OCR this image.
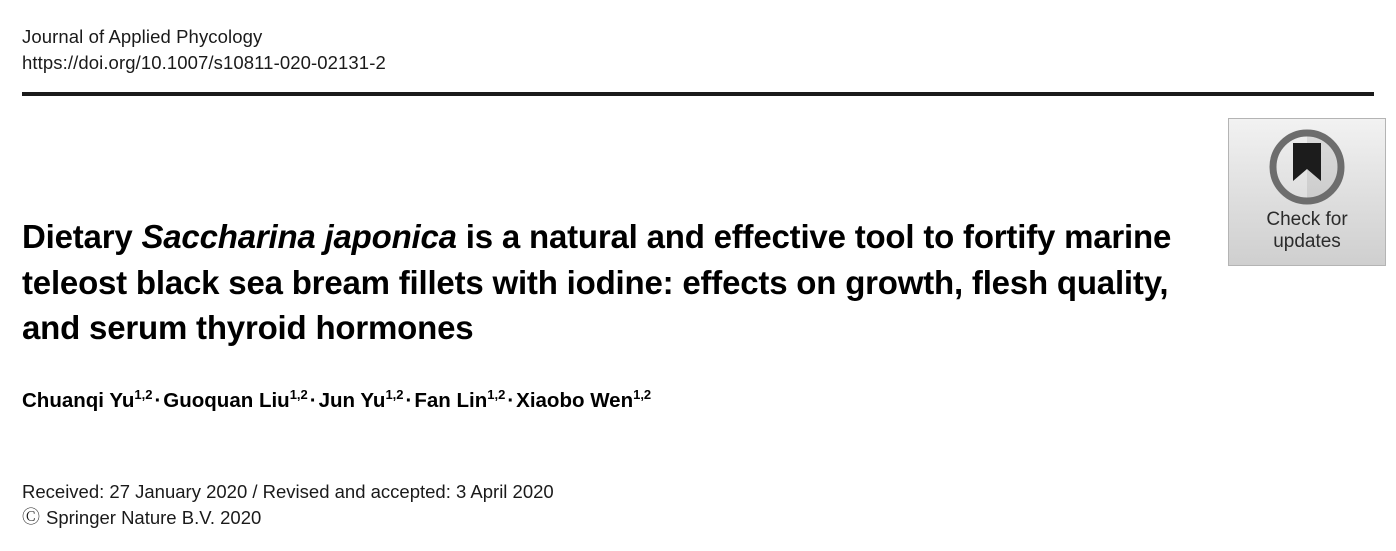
Journal of Applied Phycology
https://doi.org/10.1007/s10811-020-02131-2
Check for
updates
Dietary Saccharina japonica is a natural and effective tool to fortify marine teleost black sea bream fillets with iodine: effects on growth, flesh quality, and serum thyroid hormones
Chuanqi Yu$^{1,2}$·Guoquan Liu$^{1,2}$·Jun Yu$^{1,2}$·Fan Lin$^{1,2}$·Xiaobo Wen$^{1,2}$
Received: 27 January 2020 / Revised and accepted: 3 April 2020
Ⓒ Springer Nature B.V. 2020
